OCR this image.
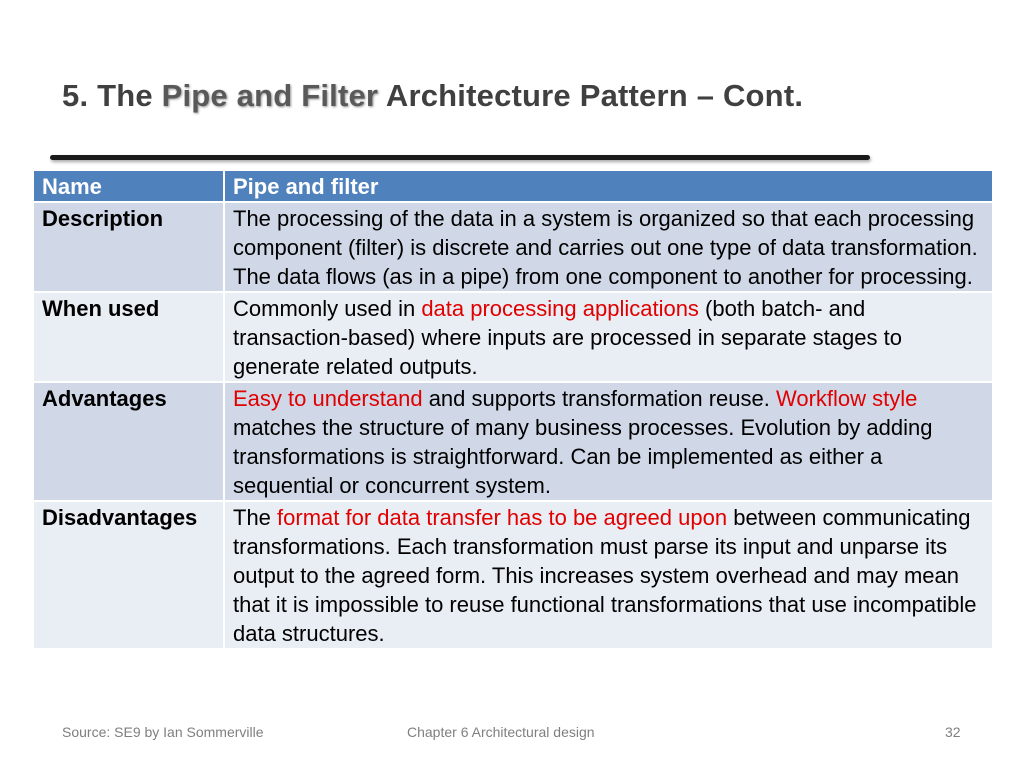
5. The Pipe and Filter Architecture Pattern – Cont.
Name	Pipe and filter
Description	The processing of the data in a system is organized so that each processing component (filter) is discrete and carries out one type of data transformation. The data flows (as in a pipe) from one component to another for processing.
When used	Commonly used in data processing applications (both batch- and transaction-based) where inputs are processed in separate stages to generate related outputs.
Advantages	Easy to understand and supports transformation reuse. Workflow style matches the structure of many business processes. Evolution by adding transformations is straightforward. Can be implemented as either a sequential or concurrent system.
Disadvantages	The format for data transfer has to be agreed upon between communicating transformations. Each transformation must parse its input and unparse its output to the agreed form. This increases system overhead and may mean that it is impossible to reuse functional transformations that use incompatible data structures.
Source: SE9 by Ian Sommerville	Chapter 6 Architectural design	32
